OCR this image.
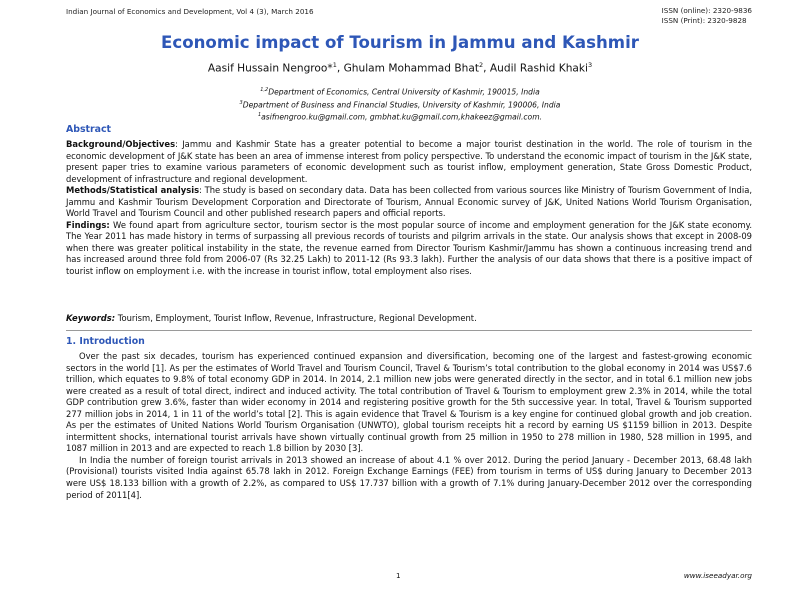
Indian Journal of Economics and Development, Vol 4 (3), March 2016	ISSN (online): 2320-9836
ISSN (Print): 2320-9828
Economic impact of Tourism in Jammu and Kashmir
Aasif Hussain Nengroo*$^1$, Ghulam Mohammad Bhat$^2$, Audil Rashid Khaki$^3$
$^{1,2}$Department of Economics, Central University of Kashmir, 190015, India
$^3$Department of Business and Financial Studies, University of Kashmir, 190006, India
$^1$asifnengroo.ku@gmail.com, gmbhat.ku@gmail.com,khakeez@gmail.com.
Abstract

Background/Objectives: Jammu and Kashmir State has a greater potential to become a major tourist destination in the world. The role of tourism in the economic development of J&K state has been an area of immense interest from policy perspective. To understand the economic impact of tourism in the J&K state, present paper tries to examine various parameters of economic development such as tourist inflow, employment generation, State Gross Domestic Product, development of infrastructure and regional development.

Methods/Statistical analysis: The study is based on secondary data. Data has been collected from various sources like Ministry of Tourism Government of India, Jammu and Kashmir Tourism Development Corporation and Directorate of Tourism, Annual Economic survey of J&K, United Nations World Tourism Organisation, World Travel and Tourism Council and other published research papers and official reports.

Findings: We found apart from agriculture sector, tourism sector is the most popular source of income and employment generation for the J&K state economy. The Year 2011 has made history in terms of surpassing all previous records of tourists and pilgrim arrivals in the state. Our analysis shows that except in 2008-09 when there was greater political instability in the state, the revenue earned from Director Tourism Kashmir/Jammu has shown a continuous increasing trend and has increased around three fold from 2006-07 (Rs 32.25 Lakh) to 2011-12 (Rs 93.3 lakh). Further the analysis of our data shows that there is a positive impact of tourist inflow on employment i.e. with the increase in tourist inflow, total employment also rises.

Keywords: Tourism, Employment, Tourist Inflow, Revenue, Infrastructure, Regional Development.
1. Introduction

Over the past six decades, tourism has experienced continued expansion and diversification, becoming one of the largest and fastest-growing economic sectors in the world [1]. As per the estimates of World Travel and Tourism Council, Travel & Tourism’s total contribution to the global economy in 2014 was US$7.6 trillion, which equates to 9.8% of total economy GDP in 2014. In 2014, 2.1 million new jobs were generated directly in the sector, and in total 6.1 million new jobs were created as a result of total direct, indirect and induced activity. The total contribution of Travel & Tourism to employment grew 2.3% in 2014, while the total GDP contribution grew 3.6%, faster than wider economy in 2014 and registering positive growth for the 5th successive year. In total, Travel & Tourism supported 277 million jobs in 2014, 1 in 11 of the world’s total [2]. This is again evidence that Travel & Tourism is a key engine for continued global growth and job creation. As per the estimates of United Nations World Tourism Organisation (UNWTO), global tourism receipts hit a record by earning US $1159 billion in 2013. Despite intermittent shocks, international tourist arrivals have shown virtually continual growth from 25 million in 1950 to 278 million in 1980, 528 million in 1995, and 1087 million in 2013 and are expected to reach 1.8 billion by 2030 [3].

In India the number of foreign tourist arrivals in 2013 showed an increase of about 4.1 % over 2012. During the period January - December 2013, 68.48 lakh (Provisional) tourists visited India against 65.78 lakh in 2012. Foreign Exchange Earnings (FEE) from tourism in terms of US$ during January to December 2013 were US$ 18.133 billion with a growth of 2.2%, as compared to US$ 17.737 billion with a growth of 7.1% during January-December 2012 over the corresponding period of 2011[4].

1	www.iseeadyar.org
